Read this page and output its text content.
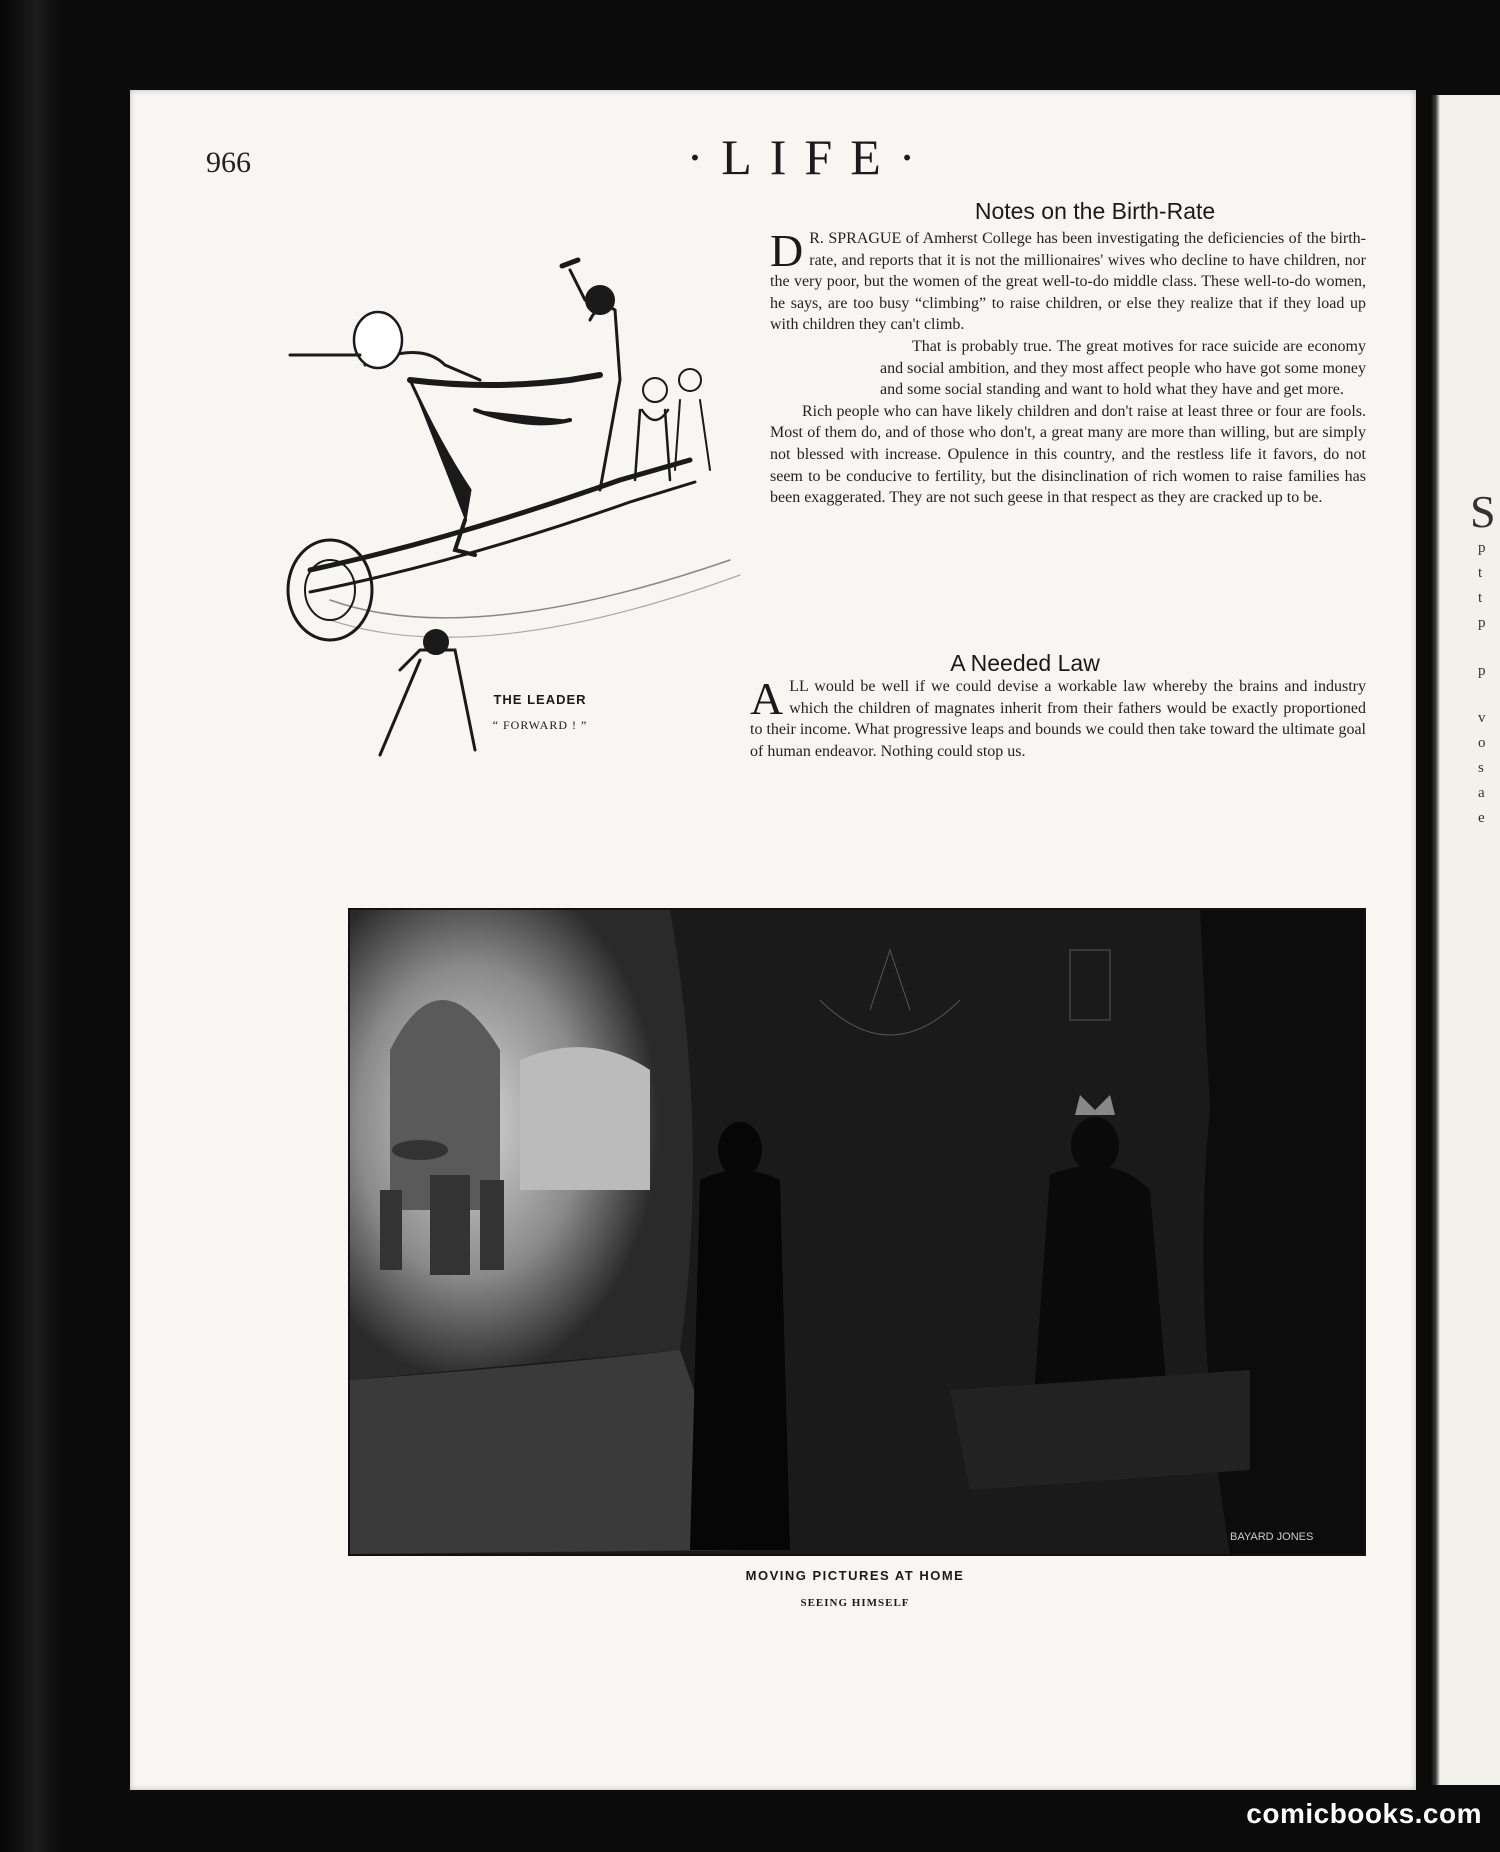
S
p
t
t
p
p
v
o
s
a
e
966	·LIFE·
THE LEADER
“ FORWARD ! ”
Notes on the Birth-Rate

D R. SPRAGUE of Amherst College has been investigating the deficiencies of the birth-rate, and reports that it is not the millionaires' wives who decline to have children, nor the very poor, but the women of the great well-to-do middle class. These well-to-do women, he says, are too busy “climbing” to raise children, or else they realize that if they load up with children they can't climb.

That is probably true. The great motives for race suicide are economy and social ambition, and they most affect people who have got some money and some social standing and want to hold what they have and get more.

Rich people who can have likely children and don't raise at least three or four are fools. Most of them do, and of those who don't, a great many are more than willing, but are simply not blessed with increase. Opulence in this country, and the restless life it favors, do not seem to be conducive to fertility, but the disinclination of rich women to raise families has been exaggerated. They are not such geese in that respect as they are cracked up to be.

A Needed Law

ALL would be well if we could devise a workable law whereby the brains and industry which the children of magnates inherit from their fathers would be exactly proportioned to their income. What progressive leaps and bounds we could then take toward the ultimate goal of human endeavor. Nothing could stop us.

BAYARD JONES
MOVING PICTURES AT HOME
SEEING HIMSELF
comicbooks.com
